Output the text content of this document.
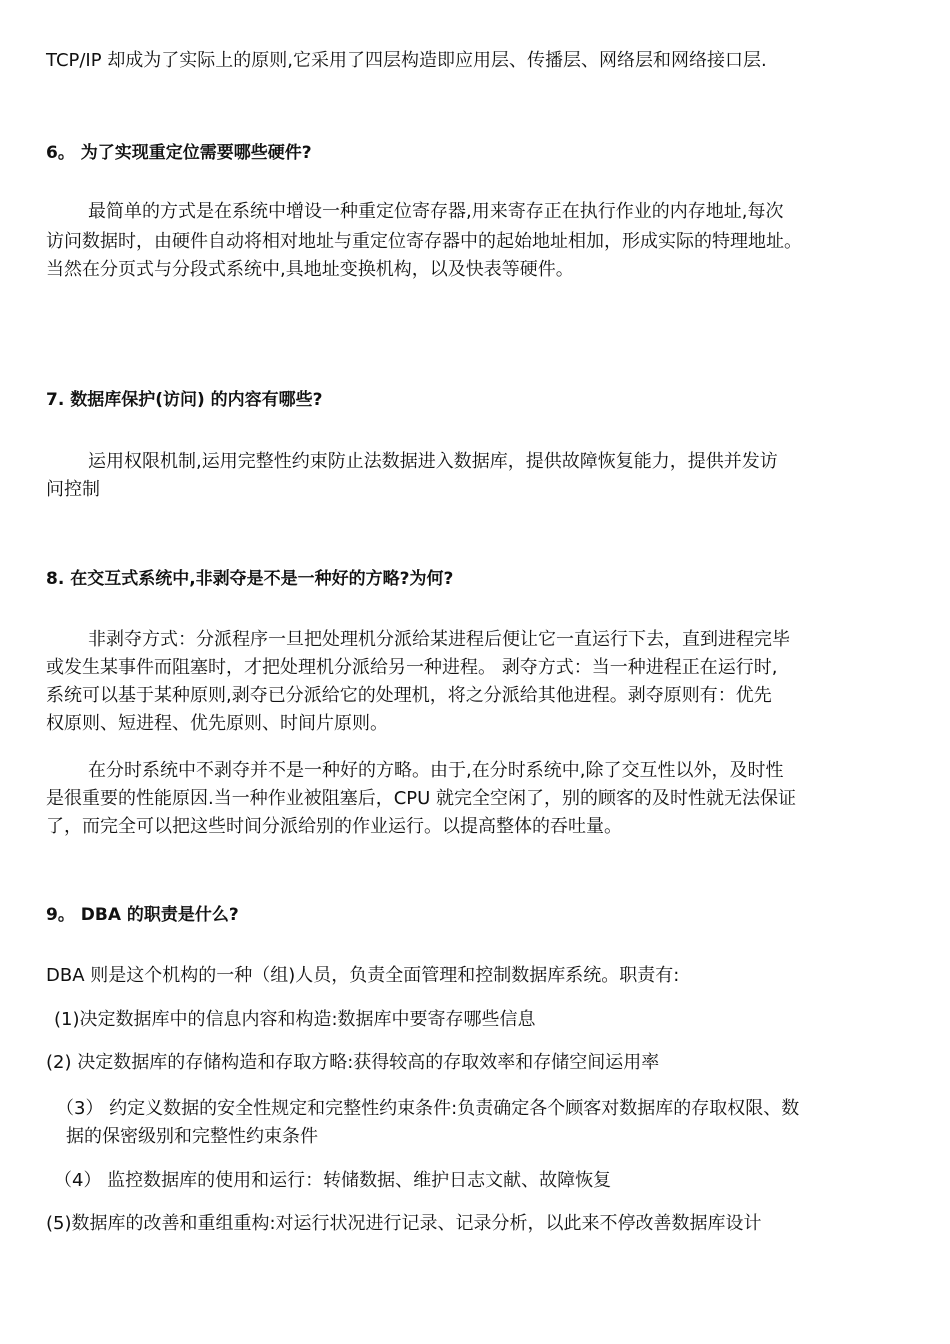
TCP/IP 却成为了实际上的原则,它采用了四层构造即应用层、传播层、网络层和网络接口层.
6。 为了实现重定位需要哪些硬件?
最简单的方式是在系统中增设一种重定位寄存器,用来寄存正在执行作业的内存地址,每次
访问数据时，由硬件自动将相对地址与重定位寄存器中的起始地址相加，形成实际的特理地址。
当然在分页式与分段式系统中,具地址变换机构，以及快表等硬件。
7. 数据库保护(访问) 的内容有哪些?
运用权限机制,运用完整性约束防止法数据进入数据库，提供故障恢复能力，提供并发访
问控制
8. 在交互式系统中,非剥夺是不是一种好的方略?为何?
非剥夺方式：分派程序一旦把处理机分派给某进程后便让它一直运行下去，直到进程完毕
或发生某事件而阻塞时，才把处理机分派给另一种进程。 剥夺方式：当一种进程正在运行时,
系统可以基于某种原则,剥夺已分派给它的处理机，将之分派给其他进程。剥夺原则有：优先
权原则、短进程、优先原则、时间片原则。
在分时系统中不剥夺并不是一种好的方略。由于,在分时系统中,除了交互性以外，及时性
是很重要的性能原因.当一种作业被阻塞后，CPU 就完全空闲了，别的顾客的及时性就无法保证
了，而完全可以把这些时间分派给别的作业运行。以提高整体的吞吐量。
9。 DBA 的职责是什么?
DBA 则是这个机构的一种（组)人员，负责全面管理和控制数据库系统。职责有:
(1)决定数据库中的信息内容和构造:数据库中要寄存哪些信息
(2) 决定数据库的存储构造和存取方略:获得较高的存取效率和存储空间运用率
（3） 约定义数据的安全性规定和完整性约束条件:负责确定各个顾客对数据库的存取权限、数
据的保密级别和完整性约束条件
（4） 监控数据库的使用和运行：转储数据、维护日志文献、故障恢复
(5)数据库的改善和重组重构:对运行状况进行记录、记录分析，以此来不停改善数据库设计
